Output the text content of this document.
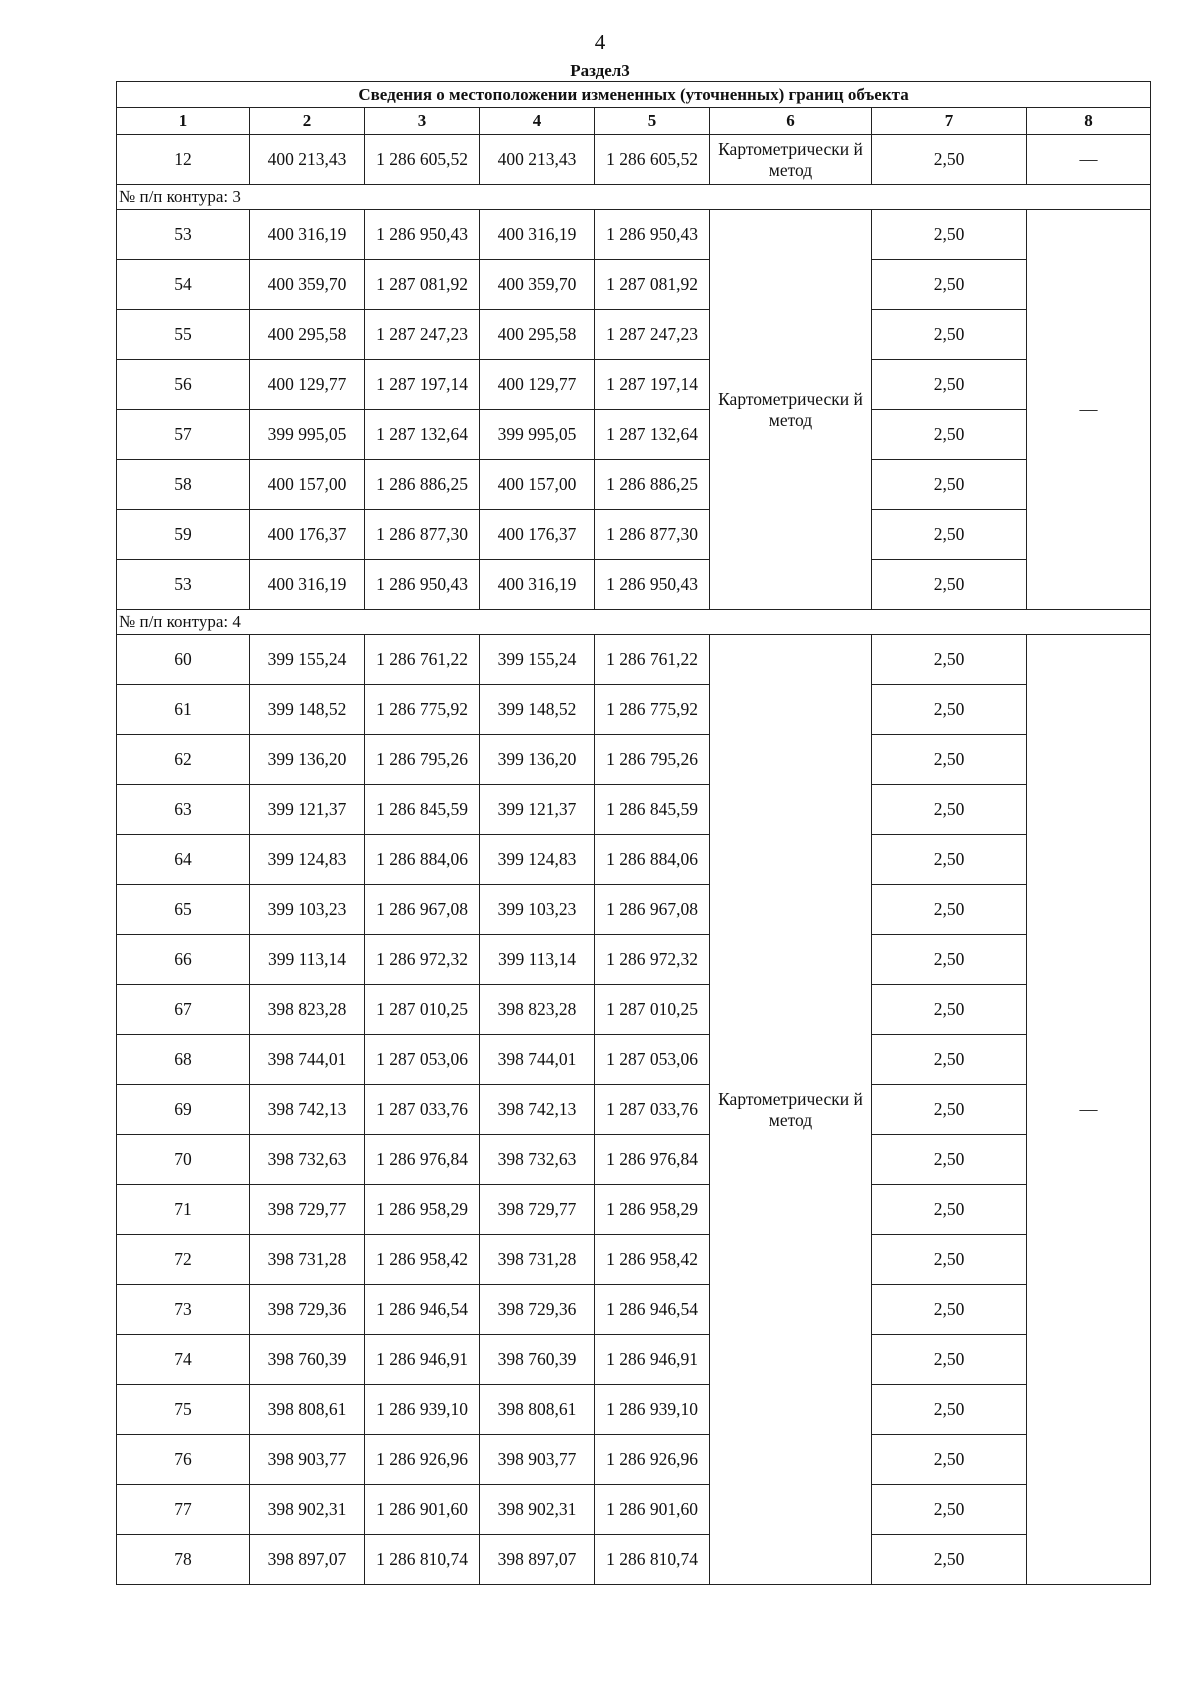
4
Раздел3
Сведения о местоположении измененных (уточненных) границ объекта							
1	2	3	4	5	6	7	8
12	400 213,43	1 286 605,52	400 213,43	1 286 605,52	Картометрически й метод	2,50	—
№ п/п контура: 3							
53	400 316,19	1 286 950,43	400 316,19	1 286 950,43	Картометрически й метод	2,50	—
54	400 359,70	1 287 081,92	400 359,70	1 287 081,92		2,50	
55	400 295,58	1 287 247,23	400 295,58	1 287 247,23		2,50	
56	400 129,77	1 287 197,14	400 129,77	1 287 197,14		2,50	
57	399 995,05	1 287 132,64	399 995,05	1 287 132,64		2,50	
58	400 157,00	1 286 886,25	400 157,00	1 286 886,25		2,50	
59	400 176,37	1 286 877,30	400 176,37	1 286 877,30		2,50	
53	400 316,19	1 286 950,43	400 316,19	1 286 950,43		2,50	
№ п/п контура: 4							
60	399 155,24	1 286 761,22	399 155,24	1 286 761,22	Картометрически й метод	2,50	—
61	399 148,52	1 286 775,92	399 148,52	1 286 775,92		2,50	
62	399 136,20	1 286 795,26	399 136,20	1 286 795,26		2,50	
63	399 121,37	1 286 845,59	399 121,37	1 286 845,59		2,50	
64	399 124,83	1 286 884,06	399 124,83	1 286 884,06		2,50	
65	399 103,23	1 286 967,08	399 103,23	1 286 967,08		2,50	
66	399 113,14	1 286 972,32	399 113,14	1 286 972,32		2,50	
67	398 823,28	1 287 010,25	398 823,28	1 287 010,25		2,50	
68	398 744,01	1 287 053,06	398 744,01	1 287 053,06		2,50	
69	398 742,13	1 287 033,76	398 742,13	1 287 033,76		2,50	
70	398 732,63	1 286 976,84	398 732,63	1 286 976,84		2,50	
71	398 729,77	1 286 958,29	398 729,77	1 286 958,29		2,50	
72	398 731,28	1 286 958,42	398 731,28	1 286 958,42		2,50	
73	398 729,36	1 286 946,54	398 729,36	1 286 946,54		2,50	
74	398 760,39	1 286 946,91	398 760,39	1 286 946,91		2,50	
75	398 808,61	1 286 939,10	398 808,61	1 286 939,10		2,50	
76	398 903,77	1 286 926,96	398 903,77	1 286 926,96		2,50	
77	398 902,31	1 286 901,60	398 902,31	1 286 901,60		2,50	
78	398 897,07	1 286 810,74	398 897,07	1 286 810,74		2,50	
